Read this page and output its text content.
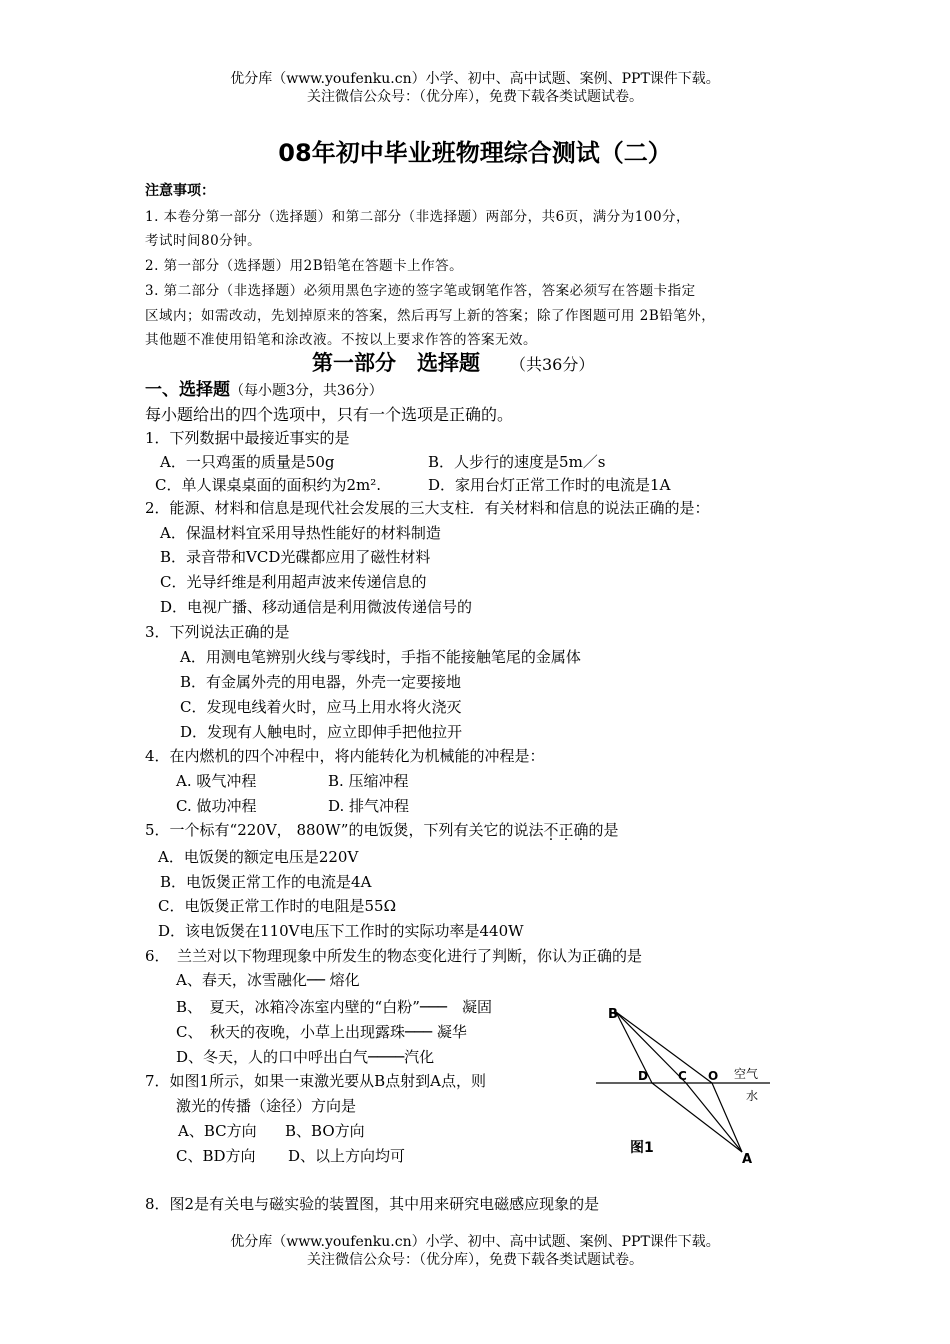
优分库（www.youfenku.cn）小学、初中、高中试题、案例、PPT课件下载。
关注微信公众号：（优分库），免费下载各类试题试卷。
08年初中毕业班物理综合测试（二）
注意事项：
1. 本卷分第一部分（选择题）和第二部分（非选择题）两部分，共6页，满分为100分，
考试时间80分钟。
2. 第一部分（选择题）用2B铅笔在答题卡上作答。
3. 第二部分（非选择题）必须用黑色字迹的签字笔或钢笔作答，答案必须写在答题卡指定
区域内；如需改动，先划掉原来的答案，然后再写上新的答案；除了作图题可用 2B铅笔外，
其他题不准使用铅笔和涂改液。不按以上要求作答的答案无效。
第一部分　选择题 （共36分）
一、选择题（每小题3分，共36分）
每小题给出的四个选项中，只有一个选项是正确的。
1．下列数据中最接近事实的是
A．一只鸡蛋的质量是50g	B．人步行的速度是5m／s
C．单人课桌桌面的面积约为2m².	D．家用台灯正常工作时的电流是1A
2．能源、材料和信息是现代社会发展的三大支柱．有关材料和信息的说法正确的是：
A．保温材料宜采用导热性能好的材料制造
B．录音带和VCD光碟都应用了磁性材料
C．光导纤维是利用超声波来传递信息的
D．电视广播、移动通信是利用微波传递信号的
3．下列说法正确的是
A．用测电笔辨别火线与零线时，手指不能接触笔尾的金属体
B．有金属外壳的用电器，外壳一定要接地
C．发现电线着火时，应马上用水将火浇灭
D．发现有人触电时，应立即伸手把他拉开
4．在内燃机的四个冲程中，将内能转化为机械能的冲程是：
A. 吸气冲程	B. 压缩冲程
C. 做功冲程	D. 排气冲程
5．一个标有“220V， 880W”的电饭煲，下列有关它的说法不正确的是
A．电饭煲的额定电压是220V
B．电饭煲正常工作的电流是4A
C．电饭煲正常工作时的电阻是55Ω
D．该电饭煲在110V电压下工作时的实际功率是440W
6．　兰兰对以下物理现象中所发生的物态变化进行了判断，你认为正确的是
A、春天，冰雪融化── 熔化
B、　夏天，冰箱冷冻室内壁的“白粉”───　凝固
C、　秋天的夜晚，小草上出现露珠─── 凝华
D、冬天，人的口中呼出白气────汽化
7．如图1所示，如果一束激光要从B点射到A点，则
激光的传播（途径）方向是
A、BC方向 B、BO方向
C、BD方向 D、以上方向均可
B
A
D	C O 空气
水
图1
8．图2是有关电与磁实验的装置图，其中用来研究电磁感应现象的是
优分库（www.youfenku.cn）小学、初中、高中试题、案例、PPT课件下载。
关注微信公众号：（优分库），免费下载各类试题试卷。
